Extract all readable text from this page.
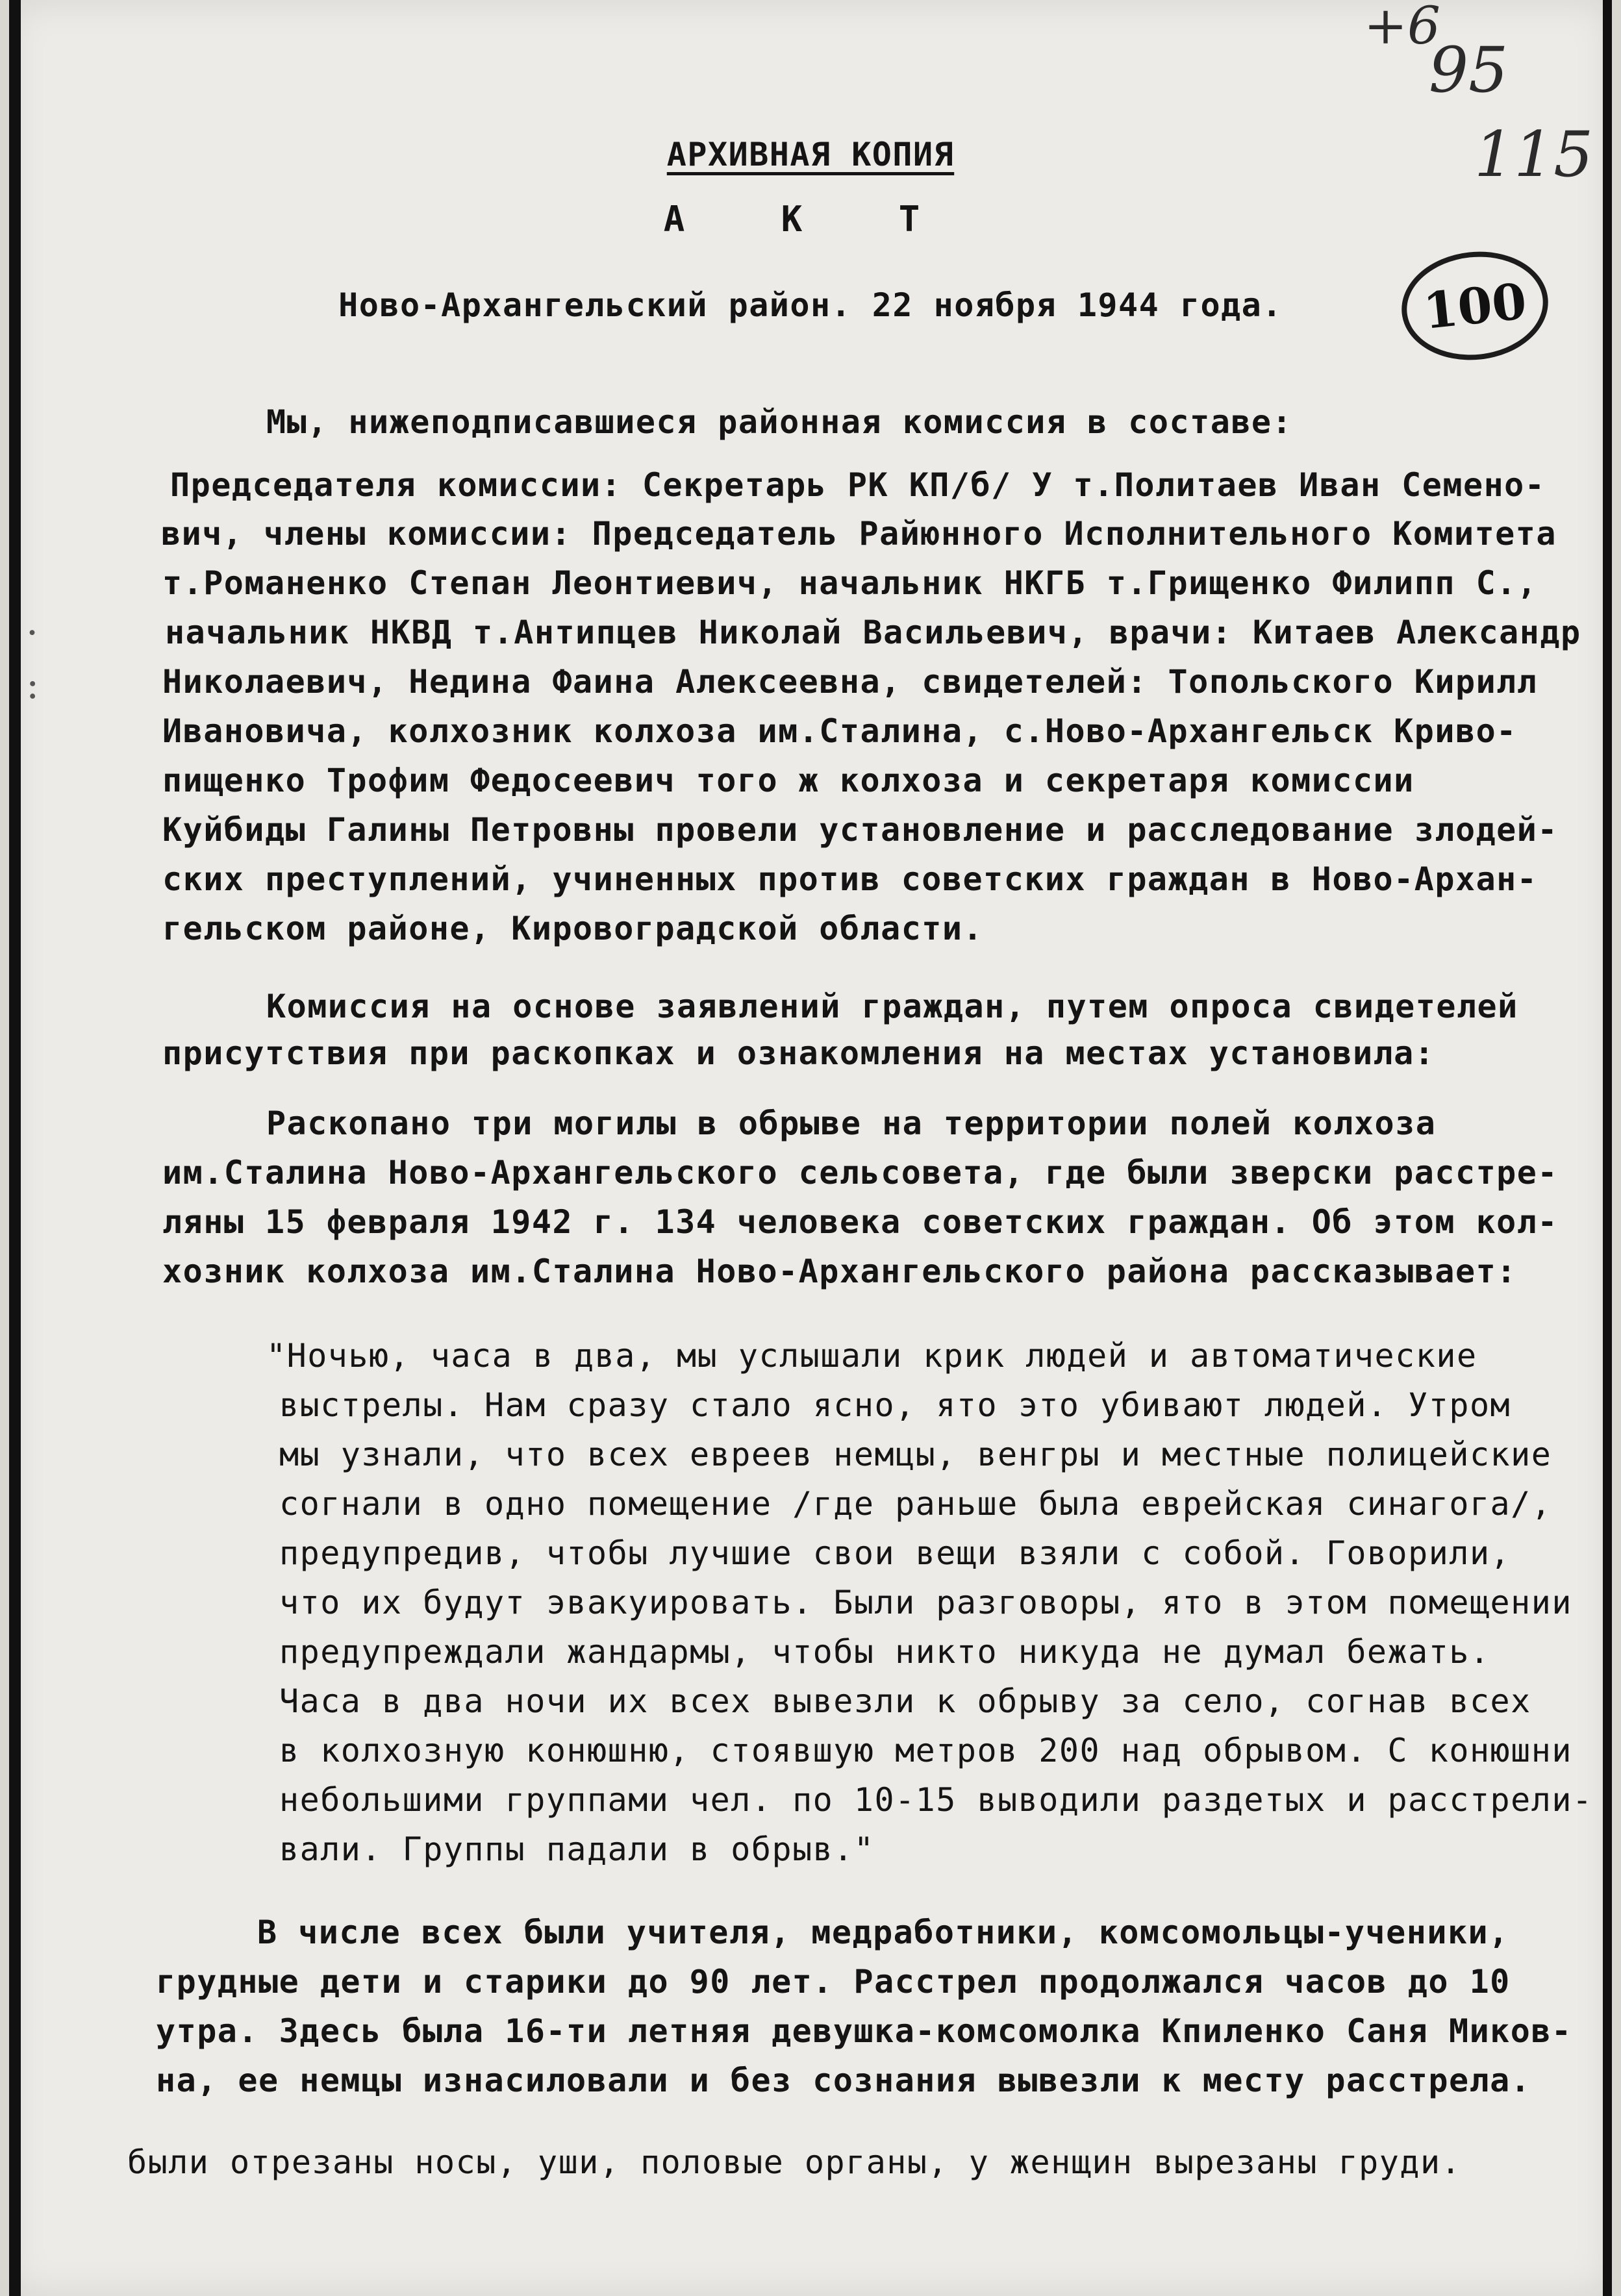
+6
95
115
100
·
:
АРХИВНАЯ КОПИЯ
А К Т
Ново-Архангельский район. 22 ноября 1944 года.
Мы, нижеподписавшиеся районная комиссия в составе:
Председателя комиссии: Секретарь РК КП/б/ У т.Политаев Иван Семено-
вич, члены комиссии: Председатель Райюнного Исполнительного Комитета
т.Романенко Степан Леонтиевич, начальник НКГБ т.Грищенко Филипп С.,
начальник НКВД т.Антипцев Николай Васильевич, врачи: Китаев Александр
Николаевич, Недина Фаина Алексеевна, свидетелей: Топольского Кирилл
Ивановича, колхозник колхоза им.Сталина, с.Ново-Архангельск Криво-
пищенко Трофим Федосеевич того ж колхоза и секретаря комиссии
Куйбиды Галины Петровны провели установление и расследование злодей-
ских преступлений, учиненных против советских граждан в Ново-Архан-
гельском районе, Кировоградской области.
Комиссия на основе заявлений граждан, путем опроса свидетелей
присутствия при раскопках и ознакомления на местах установила:
Раскопано три могилы в обрыве на территории полей колхоза
им.Сталина Ново-Архангельского сельсовета, где были зверски расстре-
ляны 15 февраля 1942 г. 134 человека советских граждан. Об этом кол-
хозник колхоза им.Сталина Ново-Архангельского района рассказывает:
"Ночью, часа в два, мы услышали крик людей и автоматические
выстрелы. Нам сразу стало ясно, ято это убивают людей. Утром
мы узнали, что всех евреев немцы, венгры и местные полицейские
согнали в одно помещение /где раньше была еврейская синагога/,
предупредив, чтобы лучшие свои вещи взяли с собой. Говорили,
что их будут эвакуировать. Были разговоры, ято в этом помещении
предупреждали жандармы, чтобы никто никуда не думал бежать.
Часа в два ночи их всех вывезли к обрыву за село, согнав всех
в колхозную конюшню, стоявшую метров 200 над обрывом. С конюшни
небольшими группами чел. по 10-15 выводили раздетых и расстрели-
вали. Группы падали в обрыв."
В числе всех были учителя, медработники, комсомольцы-ученики,
грудные дети и старики до 90 лет. Расстрел продолжался часов до 10
утра. Здесь была 16-ти летняя девушка-комсомолка Кпиленко Саня Миков-
на, ее немцы изнасиловали и без сознания вывезли к месту расстрела.
были отрезаны носы, уши, половые органы, у женщин вырезаны груди.
